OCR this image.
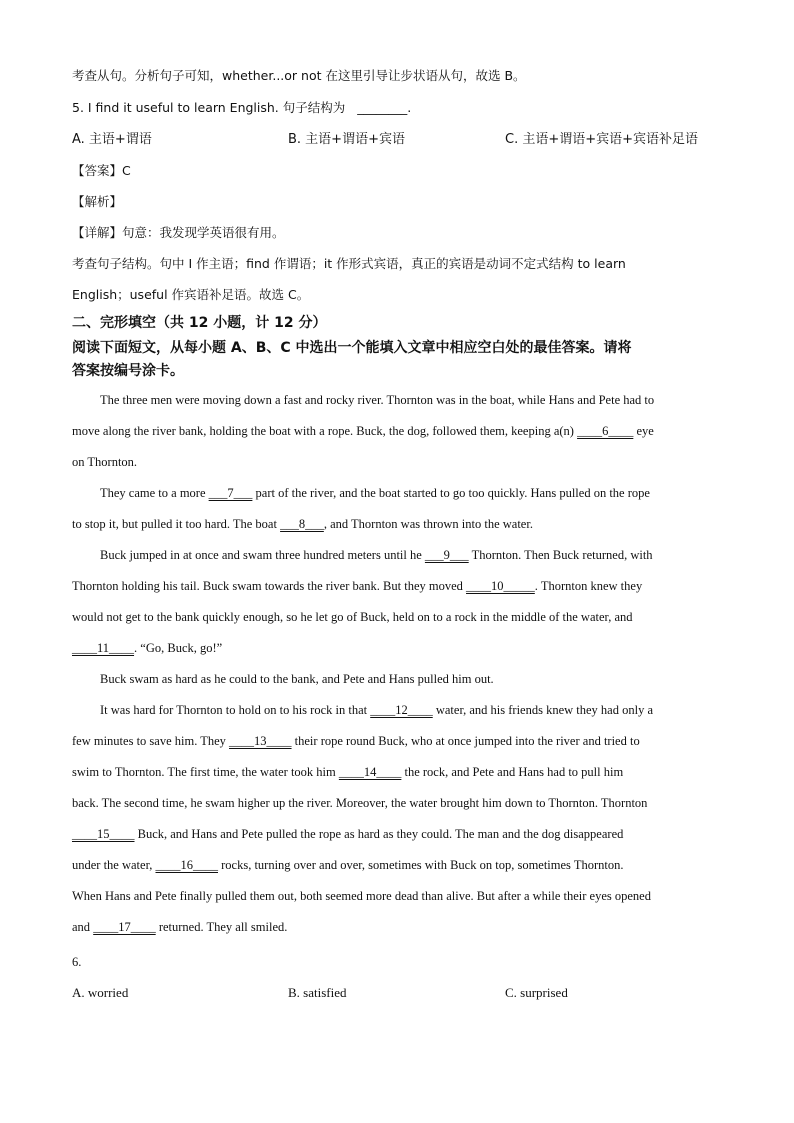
考查从句。分析句子可知，whether...or not 在这里引导让步状语从句，故选 B。
5. I find it useful to learn English. 句子结构为 ________.
A. 主语+谓语	B. 主语+谓语+宾语	C. 主语+谓语+宾语+宾语补足语
【答案】C
【解析】
【详解】句意：我发现学英语很有用。
考查句子结构。句中 I 作主语；find 作谓语；it 作形式宾语，真正的宾语是动词不定式结构 to learn
English；useful 作宾语补足语。故选 C。
二、完形填空（共 12 小题，计 12 分）
阅读下面短文，从每小题 A、B、C 中选出一个能填入文章中相应空白处的最佳答案。请将
答案按编号涂卡。
The three men were moving down a fast and rocky river. Thornton was in the boat, while Hans and Pete had to
move along the river bank, holding the boat with a rope. Buck, the dog, followed them, keeping a(n) ____6____ eye
on Thornton.
They came to a more ___7___ part of the river, and the boat started to go too quickly. Hans pulled on the rope
to stop it, but pulled it too hard. The boat ___8___, and Thornton was thrown into the water.
Buck jumped in at once and swam three hundred meters until he ___9___ Thornton. Then Buck returned, with
Thornton holding his tail. Buck swam towards the river bank. But they moved ____10_____. Thornton knew they
would not get to the bank quickly enough, so he let go of Buck, held on to a rock in the middle of the water, and
____11____. “Go, Buck, go!”
Buck swam as hard as he could to the bank, and Pete and Hans pulled him out.
It was hard for Thornton to hold on to his rock in that ____12____ water, and his friends knew they had only a
few minutes to save him. They ____13____ their rope round Buck, who at once jumped into the river and tried to
swim to Thornton. The first time, the water took him ____14____ the rock, and Pete and Hans had to pull him
back. The second time, he swam higher up the river. Moreover, the water brought him down to Thornton. Thornton
____15____ Buck, and Hans and Pete pulled the rope as hard as they could. The man and the dog disappeared
under the water, ____16____ rocks, turning over and over, sometimes with Buck on top, sometimes Thornton.
When Hans and Pete finally pulled them out, both seemed more dead than alive. But after a while their eyes opened
and ____17____ returned. They all smiled.
6.
A. worried	B. satisfied	C. surprised
